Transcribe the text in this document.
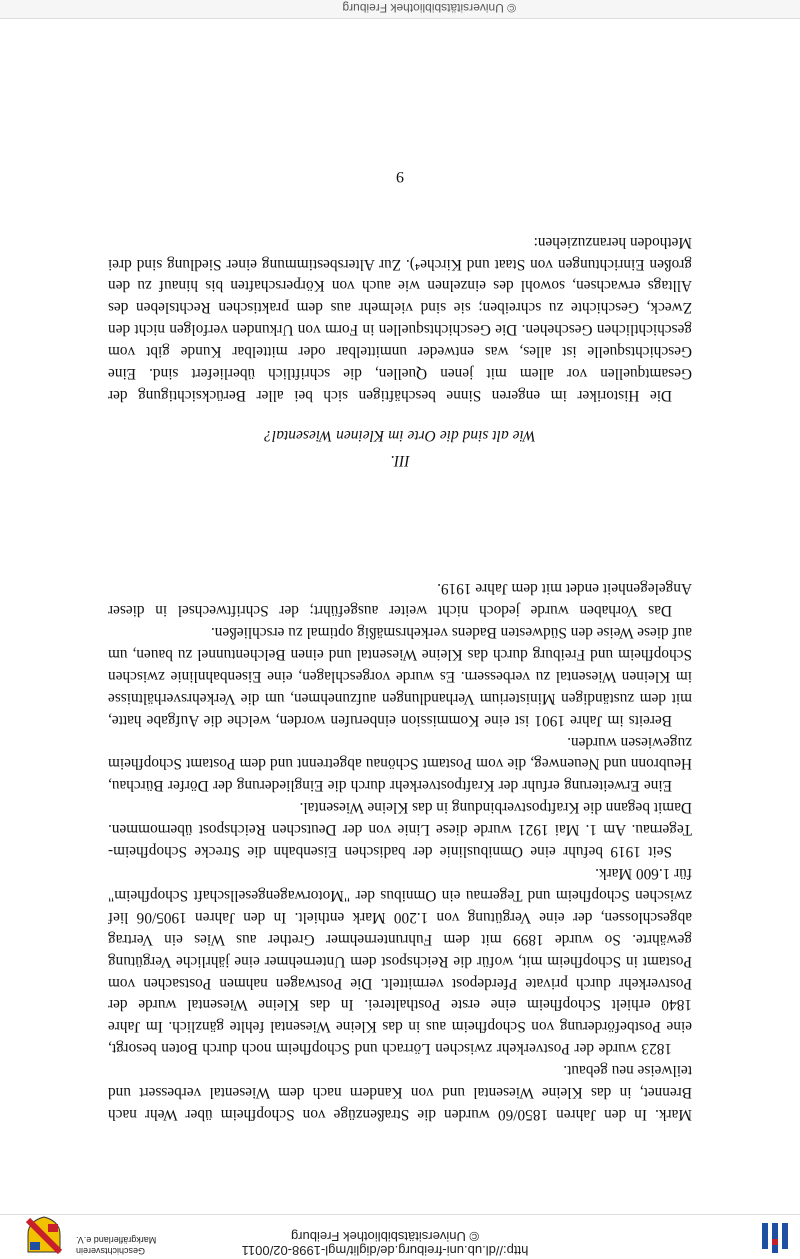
http://dl.ub.uni-freiburg.de/diglit/mgl-1998-02/0011
© Universitätsbibliothek Freiburg
Geschichtsverein
Markgräflerland e.V.
© Universitätsbibliothek Freiburg

Mark. In den Jahren 1850/60 wurden die Straßenzüge von Schopfheim über Wehr nach Brennet, in das Kleine Wiesental und von Kandern nach dem Wiesental verbessert und teilweise neu gebaut.

1823 wurde der Postverkehr zwischen Lörrach und Schopfheim noch durch Boten besorgt, eine Postbeförderung von Schopfheim aus in das Kleine Wiesental fehlte gänzlich. Im Jahre 1840 erhielt Schopfheim eine erste Posthalterei. In das Kleine Wiesental wurde der Postverkehr durch private Pferdepost vermittelt. Die Postwagen nahmen Postsachen vom Postamt in Schopfheim mit, wofür die Reichspost dem Unternehmer eine jährliche Vergütung gewährte. So wurde 1899 mit dem Fuhrunternehmer Grether aus Wies ein Vertrag abgeschlossen, der eine Vergütung von 1.200 Mark enthielt. In den Jahren 1905/06 lief zwischen Schopfheim und Tegernau ein Omnibus der "Motorwagengesellschaft Schopfheim" für 1.600 Mark.

Seit 1919 befuhr eine Omnibuslinie der badischen Eisenbahn die Strecke Schopfheim-Tegernau. Am 1. Mai 1921 wurde diese Linie von der Deutschen Reichspost übernommen. Damit begann die Kraftpostverbindung in das Kleine Wiesental.

Eine Erweiterung erfuhr der Kraftpostverkehr durch die Eingliederung der Dörfer Bürchau, Heubronn und Neuenweg, die vom Postamt Schönau abgetrennt und dem Postamt Schopfheim zugewiesen wurden.

Bereits im Jahre 1901 ist eine Kommission einberufen worden, welche die Aufgabe hatte, mit dem zuständigen Ministerium Verhandlungen aufzunehmen, um die Verkehrsverhältnisse im Kleinen Wiesental zu verbessern. Es wurde vorgeschlagen, eine Eisenbahnlinie zwischen Schopfheim und Freiburg durch das Kleine Wiesental und einen Belchentunnel zu bauen, um auf diese Weise den Südwesten Badens verkehrsmäßig optimal zu erschließen.

Das Vorhaben wurde jedoch nicht weiter ausgeführt; der Schriftwechsel in dieser Angelegenheit endet mit dem Jahre 1919.

III.
Wie alt sind die Orte im Kleinen Wiesental?

Die Historiker im engeren Sinne beschäftigen sich bei aller Berücksichtigung der Gesamtquellen vor allem mit jenen Quellen, die schriftlich überliefert sind. Eine Geschichtsquelle ist alles, was entweder unmittelbar oder mittelbar Kunde gibt vom geschichtlichen Geschehen. Die Geschichtsquellen in Form von Urkunden verfolgen nicht den Zweck, Geschichte zu schreiben; sie sind vielmehr aus dem praktischen Rechtsleben des Alltags erwachsen, sowohl des einzelnen wie auch von Körperschaften bis hinauf zu den großen Einrichtungen von Staat und Kirche⁴). Zur Altersbestimmung einer Siedlung sind drei Methoden heranzuziehen:

9
